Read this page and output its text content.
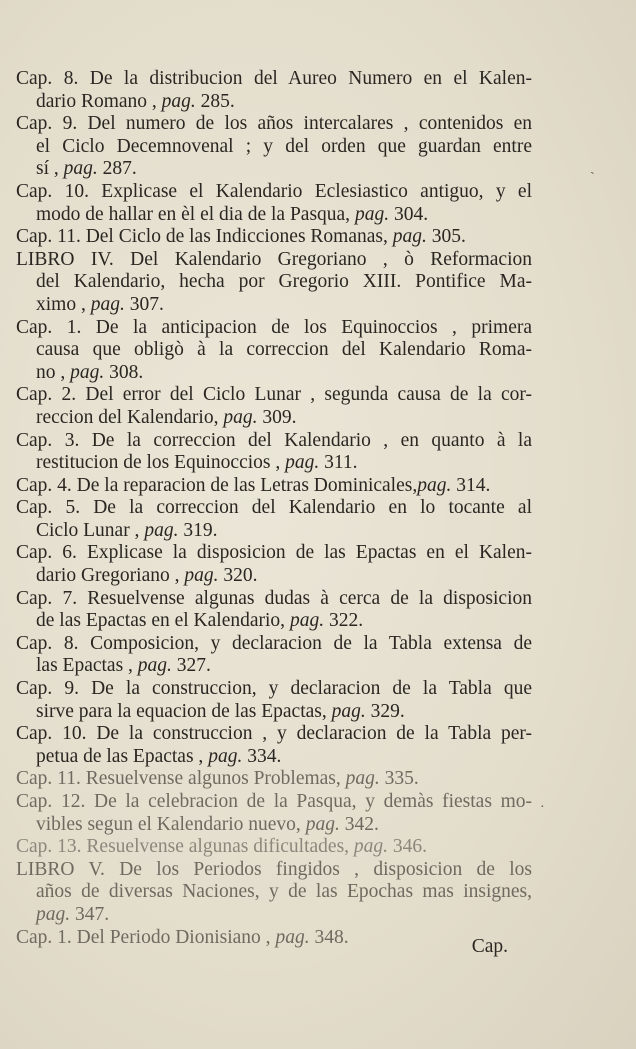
Cap. 8. De la distribucion del Aureo Numero en el Kalen-
dario Romano , pag. 285.
Cap. 9. Del numero de los años intercalares , contenidos en
el Ciclo Decemnovenal ; y del orden que guardan entre
sí , pag. 287.
Cap. 10. Explicase el Kalendario Eclesiastico antiguo, y el
modo de hallar en èl el dia de la Pasqua, pag. 304.
Cap. 11. Del Ciclo de las Indicciones Romanas, pag. 305.
LIBRO IV. Del Kalendario Gregoriano , ò Reformacion
del Kalendario, hecha por Gregorio XIII. Pontifice Ma-
ximo , pag. 307.
Cap. 1. De la anticipacion de los Equinoccios , primera
causa que obligò à la correccion del Kalendario Roma-
no , pag. 308.
Cap. 2. Del error del Ciclo Lunar , segunda causa de la cor-
reccion del Kalendario, pag. 309.
Cap. 3. De la correccion del Kalendario , en quanto à la
restitucion de los Equinoccios , pag. 311.
Cap. 4. De la reparacion de las Letras Dominicales,pag. 314.
Cap. 5. De la correccion del Kalendario en lo tocante al
Ciclo Lunar , pag. 319.
Cap. 6. Explicase la disposicion de las Epactas en el Kalen-
dario Gregoriano , pag. 320.
Cap. 7. Resuelvense algunas dudas à cerca de la disposicion
de las Epactas en el Kalendario, pag. 322.
Cap. 8. Composicion, y declaracion de la Tabla extensa de
las Epactas , pag. 327.
Cap. 9. De la construccion, y declaracion de la Tabla que
sirve para la equacion de las Epactas, pag. 329.
Cap. 10. De la construccion , y declaracion de la Tabla per-
petua de las Epactas , pag. 334.
Cap. 11. Resuelvense algunos Problemas, pag. 335.
Cap. 12. De la celebracion de la Pasqua, y demàs fiestas mo-
vibles segun el Kalendario nuevo, pag. 342.
Cap. 13. Resuelvense algunas dificultades, pag. 346.
LIBRO V. De los Periodos fingidos , disposicion de los
años de diversas Naciones, y de las Epochas mas insignes,
pag. 347.
Cap. 1. Del Periodo Dionisiano , pag. 348.	Cap.
ˏ
·
